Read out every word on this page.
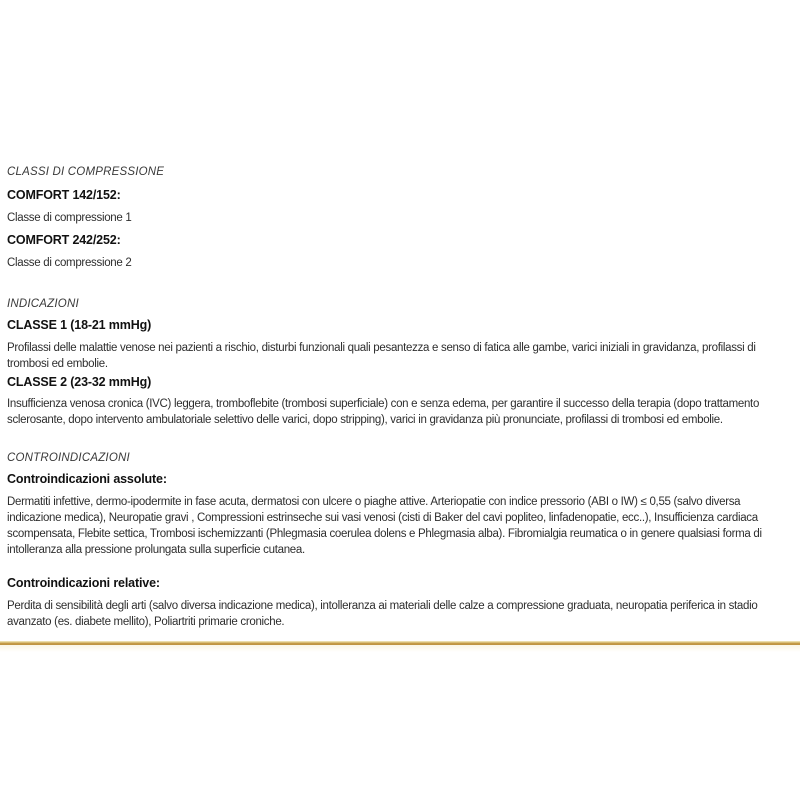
CLASSI DI COMPRESSIONE
COMFORT 142/152:

Classe di compressione 1

COMFORT 242/252:

Classe di compressione 2

INDICAZIONI
CLASSE 1 (18-21 mmHg)

Profilassi delle malattie venose nei pazienti a rischio, disturbi funzionali quali pesantezza e senso di fatica alle gambe, varici iniziali in gravidanza, profilassi di trombosi ed embolie.

CLASSE 2 (23-32 mmHg)

Insufficienza venosa cronica (IVC) leggera, tromboflebite (trombosi superficiale) con e senza edema, per garantire il successo della terapia (dopo trattamento sclerosante, dopo intervento ambulatoriale selettivo delle varici, dopo stripping), varici in gravidanza più pronunciate, profilassi di trombosi ed embolie.

CONTROINDICAZIONI
Controindicazioni assolute:

Dermatiti infettive, dermo-ipodermite in fase acuta, dermatosi con ulcere o piaghe attive. Arteriopatie con indice pressorio (ABI o IW) ≤ 0,55 (salvo diversa indicazione medica), Neuropatie gravi , Compressioni estrinseche sui vasi venosi (cisti di Baker del cavi popliteo, linfadenopatie, ecc..), Insufficienza cardiaca scompensata, Flebite settica, Trombosi ischemizzanti (Phlegmasia coerulea dolens e Phlegmasia alba). Fibromialgia reumatica o in genere qualsiasi forma di intolleranza alla pressione prolungata sulla superficie cutanea.

Controindicazioni relative:

Perdita di sensibilità degli arti (salvo diversa indicazione medica), intolleranza ai materiali delle calze a compressione graduata, neuropatia periferica in stadio avanzato (es. diabete mellito), Poliartriti primarie croniche.
